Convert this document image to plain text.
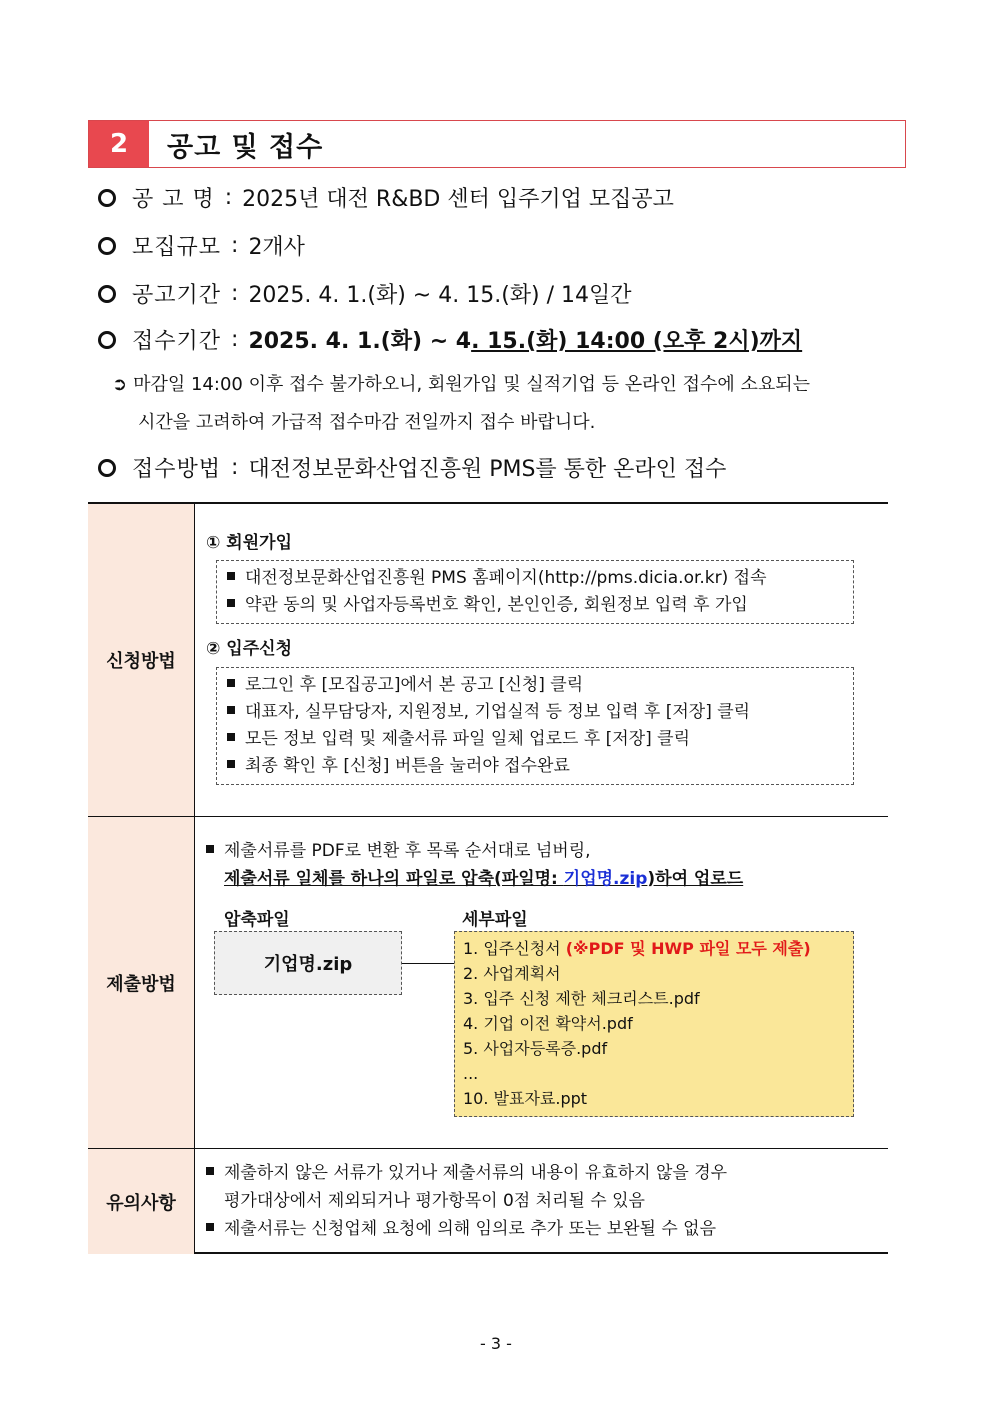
2	공고 및 접수
공 고 명 : 2025년 대전 R&BD 센터 입주기업 모집공고
모집규모 : 2개사
공고기간 : 2025. 4. 1.(화) ~ 4. 15.(화) / 14일간
접수기간 : 2025. 4. 1.(화) ~ 4 . 15.(화) 14:00 (오후 2시)까지
➲ 마감일 14:00 이후 접수 불가하오니, 회원가입 및 실적기업 등 온라인 접수에 소요되는
시간을 고려하여 가급적 접수마감 전일까지 접수 바랍니다.
접수방법 : 대전정보문화산업진흥원 PMS를 통한 온라인 접수
신청방법
① 회원가입
대전정보문화산업진흥원 PMS 홈페이지(http://pms.dicia.or.kr) 접속
약관 동의 및 사업자등록번호 확인, 본인인증, 회원정보 입력 후 가입
② 입주신청
로그인 후 [모집공고]에서 본 공고 [신청] 클릭
대표자, 실무담당자, 지원정보, 기업실적 등 정보 입력 후 [저장] 클릭
모든 정보 입력 및 제출서류 파일 일체 업로드 후 [저장] 클릭
최종 확인 후 [신청] 버튼을 눌러야 접수완료
제출방법
제출서류를 PDF로 변환 후 목록 순서대로 넘버링,
제출서류 일체를 하나의 파일로 압축(파일명: 기업명.zip)하여 업로드
압축파일	세부파일
기업명.zip
1. 입주신청서 (※PDF 및 HWP 파일 모두 제출)
2. 사업계획서
3. 입주 신청 제한 체크리스트.pdf
4. 기업 이전 확약서.pdf
5. 사업자등록증.pdf
...
10. 발표자료.ppt
유의사항
제출하지 않은 서류가 있거나 제출서류의 내용이 유효하지 않을 경우
평가대상에서 제외되거나 평가항목이 0점 처리될 수 있음
제출서류는 신청업체 요청에 의해 임의로 추가 또는 보완될 수 없음
- 3 -
